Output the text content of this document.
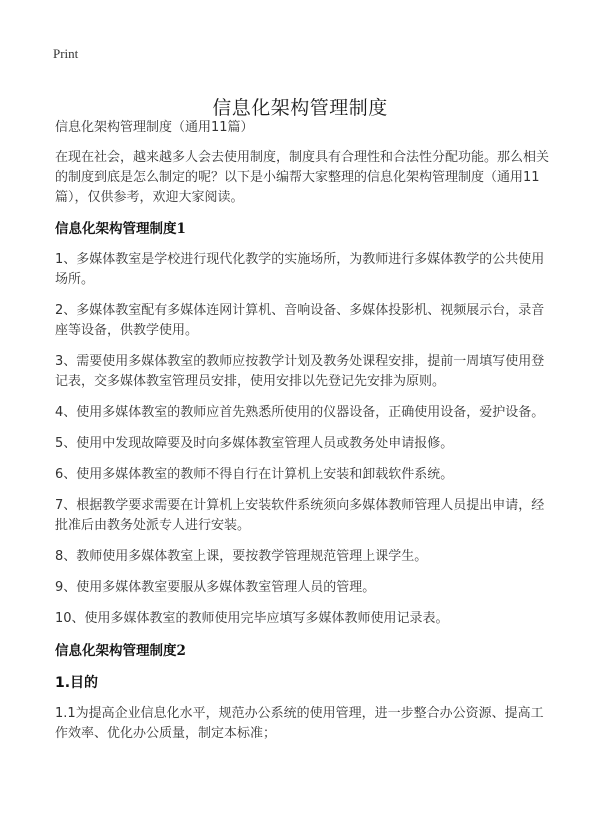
Print
信息化架构管理制度

信息化架构管理制度（通用11篇）

在现在社会，越来越多人会去使用制度，制度具有合理性和合法性分配功能。那么相关的制度到底是怎么制定的呢？以下是小编帮大家整理的信息化架构管理制度（通用11篇），仅供参考，欢迎大家阅读。

信息化架构管理制度1

1、多媒体教室是学校进行现代化教学的实施场所，为教师进行多媒体教学的公共使用场所。

2、多媒体教室配有多媒体连网计算机、音响设备、多媒体投影机、视频展示台，录音座等设备，供教学使用。

3、需要使用多媒体教室的教师应按教学计划及教务处课程安排，提前一周填写使用登记表，交多媒体教室管理员安排，使用安排以先登记先安排为原则。

4、使用多媒体教室的教师应首先熟悉所使用的仪器设备，正确使用设备，爱护设备。

5、使用中发现故障要及时向多媒体教室管理人员或教务处申请报修。

6、使用多媒体教室的教师不得自行在计算机上安装和卸载软件系统。

7、根据教学要求需要在计算机上安装软件系统须向多媒体教师管理人员提出申请，经批准后由教务处派专人进行安装。

8、教师使用多媒体教室上课，要按教学管理规范管理上课学生。

9、使用多媒体教室要服从多媒体教室管理人员的管理。

10、使用多媒体教室的教师使用完毕应填写多媒体教师使用记录表。

信息化架构管理制度2
1.目的

1.1为提高企业信息化水平，规范办公系统的使用管理，进一步整合办公资源、提高工作效率、优化办公质量，制定本标准；
